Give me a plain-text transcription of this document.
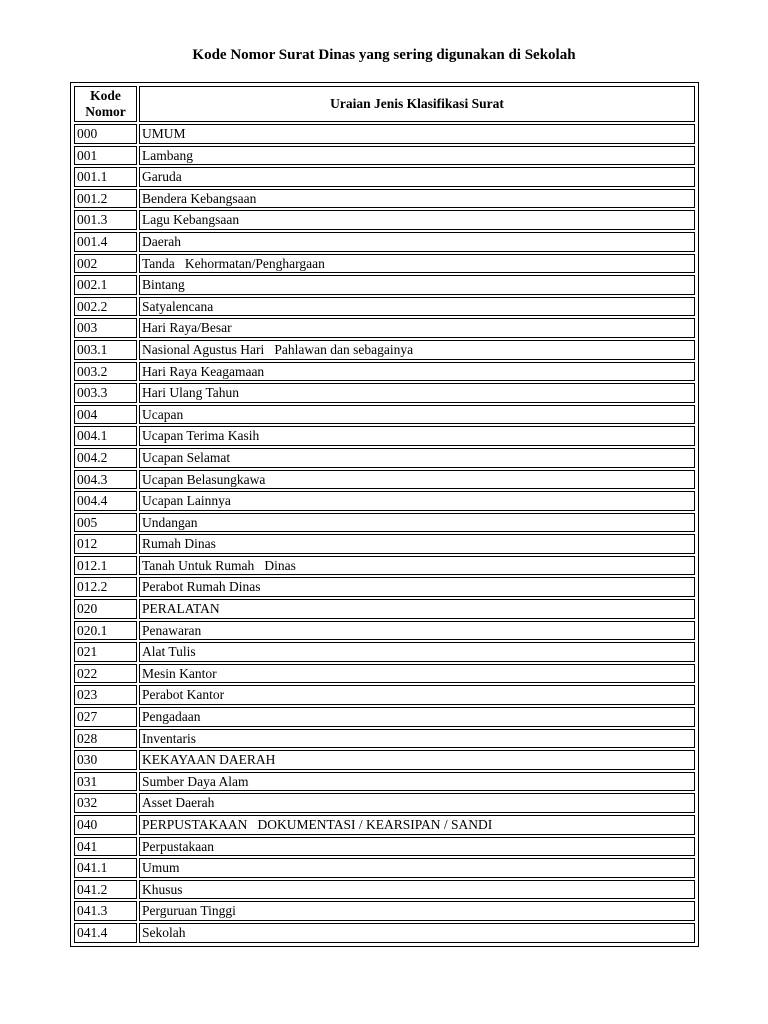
Kode Nomor Surat Dinas yang sering digunakan di Sekolah
Kode
Nomor	Uraian Jenis Klasifikasi Surat
000	UMUM
001	Lambang
001.1	Garuda
001.2	Bendera Kebangsaan
001.3	Lagu Kebangsaan
001.4	Daerah
002	Tanda   Kehormatan/Penghargaan
002.1	Bintang
002.2	Satyalencana
003	Hari Raya/Besar
003.1	Nasional Agustus Hari   Pahlawan dan sebagainya
003.2	Hari Raya Keagamaan
003.3	Hari Ulang Tahun
004	Ucapan
004.1	Ucapan Terima Kasih
004.2	Ucapan Selamat
004.3	Ucapan Belasungkawa
004.4	Ucapan Lainnya
005	Undangan
012	Rumah Dinas
012.1	Tanah Untuk Rumah   Dinas
012.2	Perabot Rumah Dinas
020	PERALATAN
020.1	Penawaran
021	Alat Tulis
022	Mesin Kantor
023	Perabot Kantor
027	Pengadaan
028	Inventaris
030	KEKAYAAN DAERAH
031	Sumber Daya Alam
032	Asset Daerah
040	PERPUSTAKAAN   DOKUMENTASI / KEARSIPAN / SANDI
041	Perpustakaan
041.1	Umum
041.2	Khusus
041.3	Perguruan Tinggi
041.4	Sekolah
